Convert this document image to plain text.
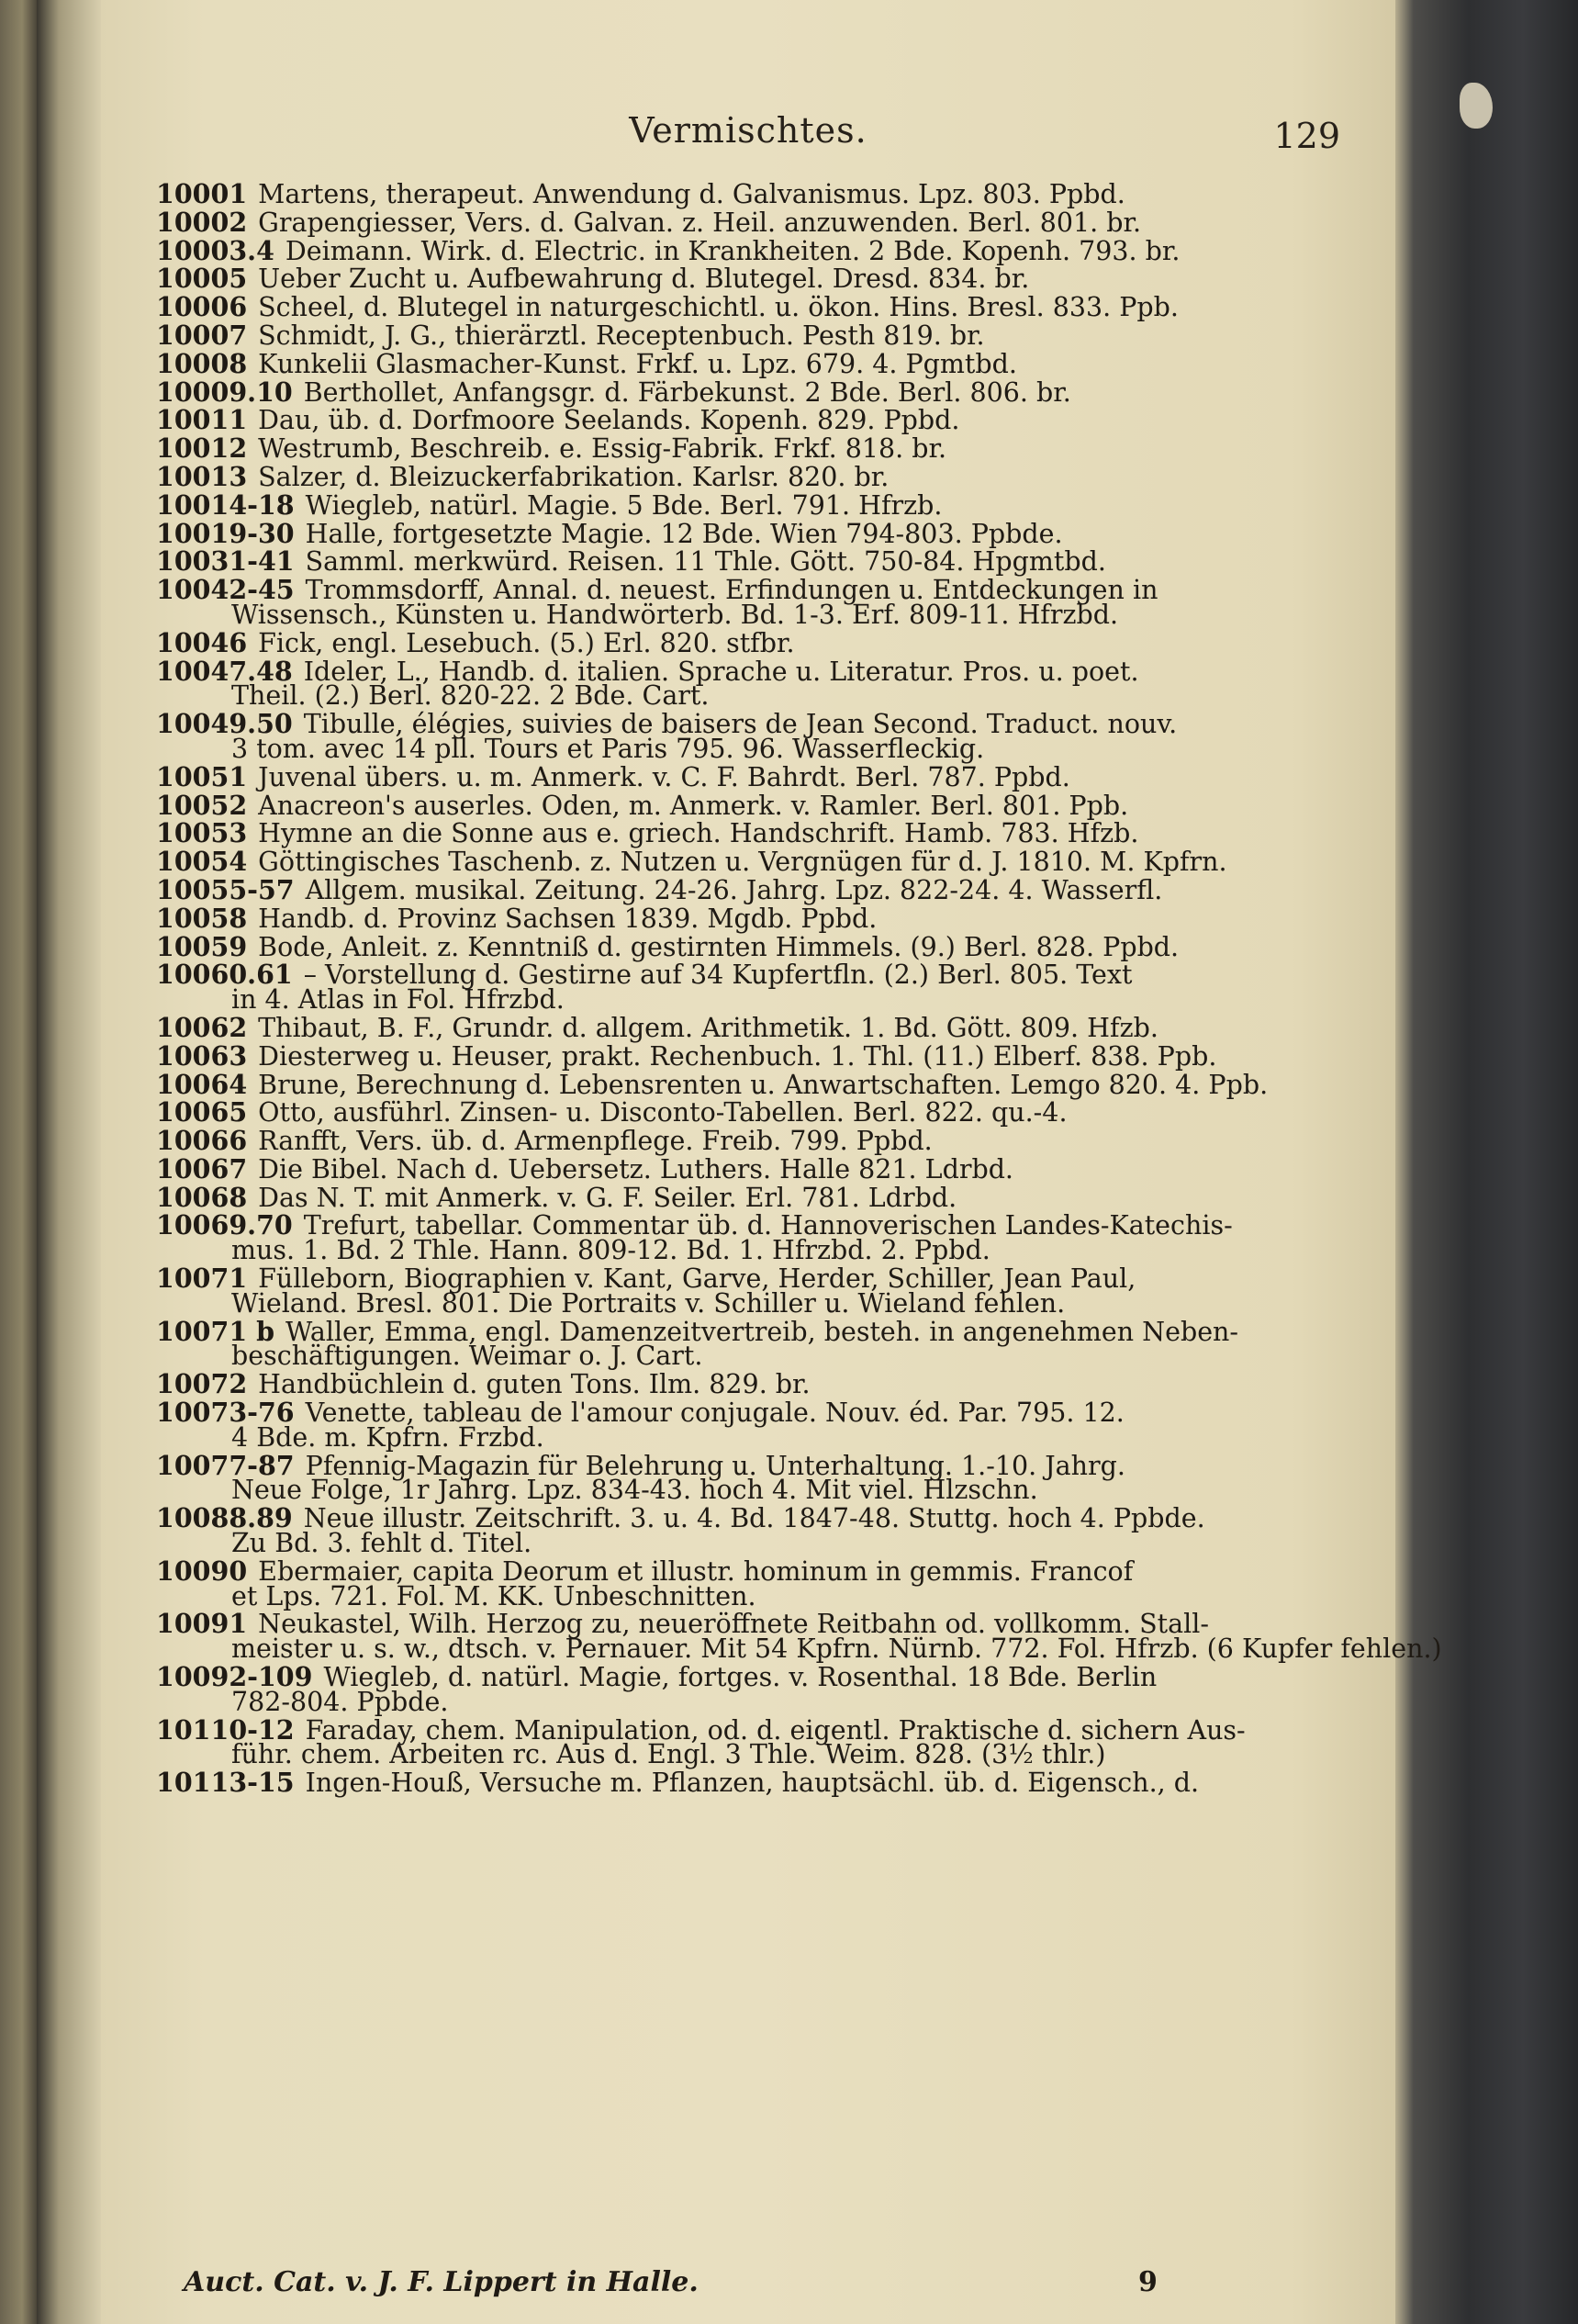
Vermischtes.	129
10001 Martens, therapeut. Anwendung d. Galvanismus. Lpz. 803. Ppbd.
10002 Grapengiesser, Vers. d. Galvan. z. Heil. anzuwenden. Berl. 801. br.
10003.4 Deimann. Wirk. d. Electric. in Krankheiten. 2 Bde. Kopenh. 793. br.
10005 Ueber Zucht u. Aufbewahrung d. Blutegel. Dresd. 834. br.
10006 Scheel, d. Blutegel in naturgeschichtl. u. ökon. Hins. Bresl. 833. Ppb.
10007 Schmidt, J. G., thierärztl. Receptenbuch. Pesth 819. br.
10008 Kunkelii Glasmacher-Kunst. Frkf. u. Lpz. 679. 4. Pgmtbd.
10009.10 Berthollet, Anfangsgr. d. Färbekunst. 2 Bde. Berl. 806. br.
10011 Dau, üb. d. Dorfmoore Seelands. Kopenh. 829. Ppbd.
10012 Westrumb, Beschreib. e. Essig-Fabrik. Frkf. 818. br.
10013 Salzer, d. Bleizuckerfabrikation. Karlsr. 820. br.
10014-18 Wiegleb, natürl. Magie. 5 Bde. Berl. 791. Hfrzb.
10019-30 Halle, fortgesetzte Magie. 12 Bde. Wien 794-803. Ppbde.
10031-41 Samml. merkwürd. Reisen. 11 Thle. Gött. 750-84. Hpgmtbd.
10042-45 Trommsdorff, Annal. d. neuest. Erfindungen u. Entdeckungen in
Wissensch., Künsten u. Handwörterb. Bd. 1-3. Erf. 809-11. Hfrzbd.
10046 Fick, engl. Lesebuch. (5.) Erl. 820. stfbr.
10047.48 Ideler, L., Handb. d. italien. Sprache u. Literatur. Pros. u. poet.
Theil. (2.) Berl. 820-22. 2 Bde. Cart.
10049.50 Tibulle, élégies, suivies de baisers de Jean Second. Traduct. nouv.
3 tom. avec 14 pll. Tours et Paris 795. 96. Wasserfleckig.
10051 Juvenal übers. u. m. Anmerk. v. C. F. Bahrdt. Berl. 787. Ppbd.
10052 Anacreon's auserles. Oden, m. Anmerk. v. Ramler. Berl. 801. Ppb.
10053 Hymne an die Sonne aus e. griech. Handschrift. Hamb. 783. Hfzb.
10054 Göttingisches Taschenb. z. Nutzen u. Vergnügen für d. J. 1810. M. Kpfrn.
10055-57 Allgem. musikal. Zeitung. 24-26. Jahrg. Lpz. 822-24. 4. Wasserfl.
10058 Handb. d. Provinz Sachsen 1839. Mgdb. Ppbd.
10059 Bode, Anleit. z. Kenntniß d. gestirnten Himmels. (9.) Berl. 828. Ppbd.
10060.61 – Vorstellung d. Gestirne auf 34 Kupfertfln. (2.) Berl. 805. Text
in 4. Atlas in Fol. Hfrzbd.
10062 Thibaut, B. F., Grundr. d. allgem. Arithmetik. 1. Bd. Gött. 809. Hfzb.
10063 Diesterweg u. Heuser, prakt. Rechenbuch. 1. Thl. (11.) Elberf. 838. Ppb.
10064 Brune, Berechnung d. Lebensrenten u. Anwartschaften. Lemgo 820. 4. Ppb.
10065 Otto, ausführl. Zinsen- u. Disconto-Tabellen. Berl. 822. qu.-4.
10066 Ranfft, Vers. üb. d. Armenpflege. Freib. 799. Ppbd.
10067 Die Bibel. Nach d. Uebersetz. Luthers. Halle 821. Ldrbd.
10068 Das N. T. mit Anmerk. v. G. F. Seiler. Erl. 781. Ldrbd.
10069.70 Trefurt, tabellar. Commentar üb. d. Hannoverischen Landes-Katechis-
mus. 1. Bd. 2 Thle. Hann. 809-12. Bd. 1. Hfrzbd. 2. Ppbd.
10071 Fülleborn, Biographien v. Kant, Garve, Herder, Schiller, Jean Paul,
Wieland. Bresl. 801. Die Portraits v. Schiller u. Wieland fehlen.
10071 b Waller, Emma, engl. Damenzeitvertreib, besteh. in angenehmen Neben-
beschäftigungen. Weimar o. J. Cart.
10072 Handbüchlein d. guten Tons. Ilm. 829. br.
10073-76 Venette, tableau de l'amour conjugale. Nouv. éd. Par. 795. 12.
4 Bde. m. Kpfrn. Frzbd.
10077-87 Pfennig-Magazin für Belehrung u. Unterhaltung. 1.-10. Jahrg.
Neue Folge, 1r Jahrg. Lpz. 834-43. hoch 4. Mit viel. Hlzschn.
10088.89 Neue illustr. Zeitschrift. 3. u. 4. Bd. 1847-48. Stuttg. hoch 4. Ppbde.
Zu Bd. 3. fehlt d. Titel.
10090 Ebermaier, capita Deorum et illustr. hominum in gemmis. Francof
et Lps. 721. Fol. M. KK. Unbeschnitten.
10091 Neukastel, Wilh. Herzog zu, neueröffnete Reitbahn od. vollkomm. Stall-
meister u. s. w., dtsch. v. Pernauer. Mit 54 Kpfrn. Nürnb. 772. Fol. Hfrzb. (6 Kupfer fehlen.)
10092-109 Wiegleb, d. natürl. Magie, fortges. v. Rosenthal. 18 Bde. Berlin
782-804. Ppbde.
10110-12 Faraday, chem. Manipulation, od. d. eigentl. Praktische d. sichern Aus-
führ. chem. Arbeiten rc. Aus d. Engl. 3 Thle. Weim. 828. (3½ thlr.)
10113-15 Ingen-Houß, Versuche m. Pflanzen, hauptsächl. üb. d. Eigensch., d.
Auct. Cat. v. J. F. Lippert in Halle.	9
